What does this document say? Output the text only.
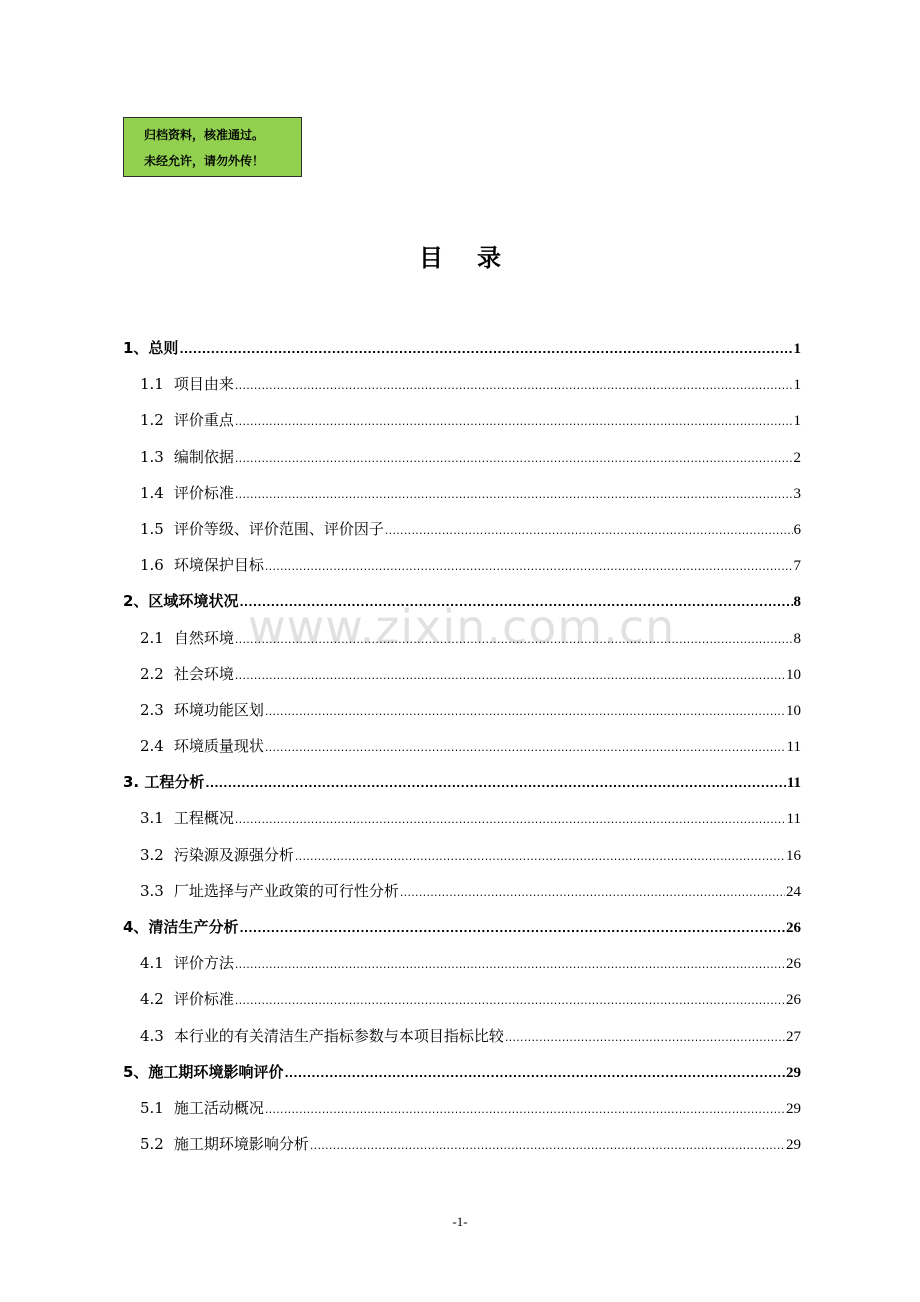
归档资料，核准通过。
未经允许，请勿外传！
目录
www.zixin.com.cn
1、总则 .....	1
1.1 项目由来 .....	1
1.2 评价重点 .....	1
1.3 编制依据 .....	2
1.4 评价标准 .....	3
1.5 评价等级、评价范围、评价因子 .....	6
1.6 环境保护目标 .....	7
2、区域环境状况 .....	8
2.1 自然环境 .....	8
2.2 社会环境 .....	10
2.3 环境功能区划 .....	10
2.4 环境质量现状 .....	11
3. 工程分析 .....	11
3.1 工程概况 .....	11
3.2 污染源及源强分析 .....	16
3.3 厂址选择与产业政策的可行性分析 .....	24
4、清洁生产分析 .....	26
4.1 评价方法 .....	26
4.2 评价标准 .....	26
4.3 本行业的有关清洁生产指标参数与本项目指标比较 .....	27
5、施工期环境影响评价 .....	29
5.1 施工活动概况 .....	29
5.2 施工期环境影响分析 .....	29
-1-
